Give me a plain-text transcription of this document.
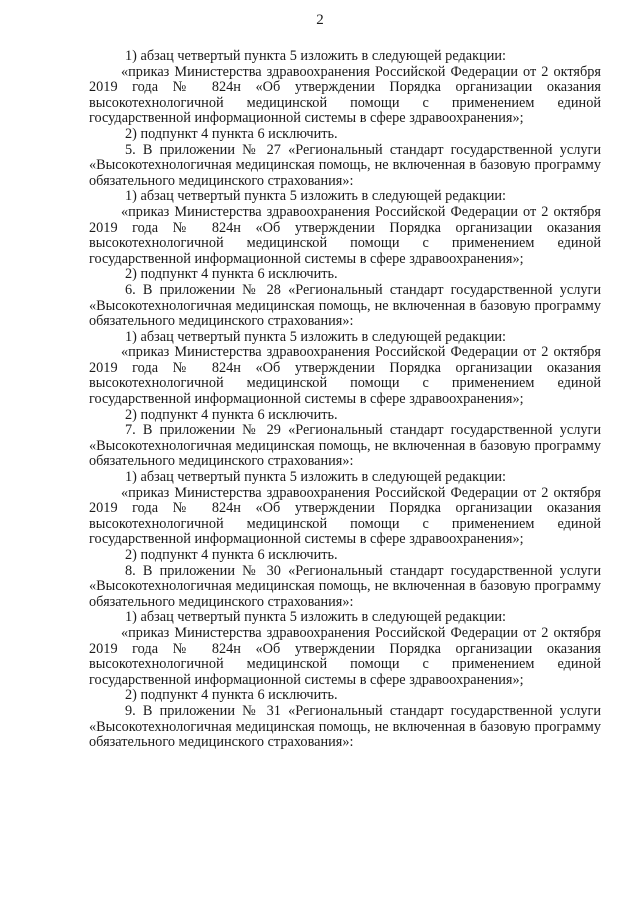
2

1) абзац четвертый пункта 5 изложить в следующей редакции:

«приказ Министерства здравоохранения Российской Федерации от 2 октября 2019 года № 824н «Об утверждении Порядка организации оказания высокотехнологичной медицинской помощи с применением единой государственной информационной системы в сфере здравоохранения»;

2) подпункт 4 пункта 6 исключить.

5. В приложении № 27 «Региональный стандарт государственной услуги «Высокотехнологичная медицинская помощь, не включенная в базовую программу обязательного медицинского страхования»:

1) абзац четвертый пункта 5 изложить в следующей редакции:

«приказ Министерства здравоохранения Российской Федерации от 2 октября 2019 года № 824н «Об утверждении Порядка организации оказания высокотехнологичной медицинской помощи с применением единой государственной информационной системы в сфере здравоохранения»;

2) подпункт 4 пункта 6 исключить.

6. В приложении № 28 «Региональный стандарт государственной услуги «Высокотехнологичная медицинская помощь, не включенная в базовую программу обязательного медицинского страхования»:

1) абзац четвертый пункта 5 изложить в следующей редакции:

«приказ Министерства здравоохранения Российской Федерации от 2 октября 2019 года № 824н «Об утверждении Порядка организации оказания высокотехнологичной медицинской помощи с применением единой государственной информационной системы в сфере здравоохранения»;

2) подпункт 4 пункта 6 исключить.

7. В приложении № 29 «Региональный стандарт государственной услуги «Высокотехнологичная медицинская помощь, не включенная в базовую программу обязательного медицинского страхования»:

1) абзац четвертый пункта 5 изложить в следующей редакции:

«приказ Министерства здравоохранения Российской Федерации от 2 октября 2019 года № 824н «Об утверждении Порядка организации оказания высокотехнологичной медицинской помощи с применением единой государственной информационной системы в сфере здравоохранения»;

2) подпункт 4 пункта 6 исключить.

8. В приложении № 30 «Региональный стандарт государственной услуги «Высокотехнологичная медицинская помощь, не включенная в базовую программу обязательного медицинского страхования»:

1) абзац четвертый пункта 5 изложить в следующей редакции:

«приказ Министерства здравоохранения Российской Федерации от 2 октября 2019 года № 824н «Об утверждении Порядка организации оказания высокотехнологичной медицинской помощи с применением единой государственной информационной системы в сфере здравоохранения»;

2) подпункт 4 пункта 6 исключить.

9. В приложении № 31 «Региональный стандарт государственной услуги «Высокотехнологичная медицинская помощь, не включенная в базовую программу обязательного медицинского страхования»:
